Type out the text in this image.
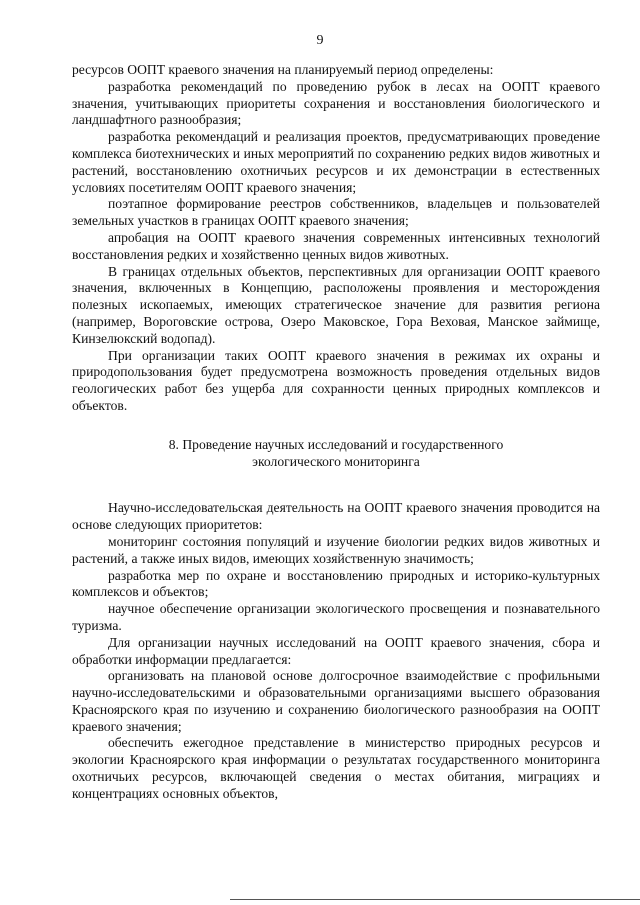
9

ресурсов ООПТ краевого значения на планируемый период определены:

разработка рекомендаций по проведению рубок в лесах на ООПТ краевого значения, учитывающих приоритеты сохранения и восстановления биологического и ландшафтного разнообразия;

разработка рекомендаций и реализация проектов, предусматривающих проведение комплекса биотехнических и иных мероприятий по сохранению редких видов животных и растений, восстановлению охотничьих ресурсов и их демонстрации в естественных условиях посетителям ООПТ краевого значения;

поэтапное формирование реестров собственников, владельцев и пользователей земельных участков в границах ООПТ краевого значения;

апробация на ООПТ краевого значения современных интенсивных технологий восстановления редких и хозяйственно ценных видов животных.

В границах отдельных объектов, перспективных для организации ООПТ краевого значения, включенных в Концепцию, расположены проявления и месторождения полезных ископаемых, имеющих стратегическое значение для развития региона (например, Вороговские острова, Озеро Маковское, Гора Веховая, Манское займище, Кинзелюкский водопад).

При организации таких ООПТ краевого значения в режимах их охраны и природопользования будет предусмотрена возможность проведения отдельных видов геологических работ без ущерба для сохранности ценных природных комплексов и объектов.

8. Проведение научных исследований и государственного
экологического мониторинга

Научно-исследовательская деятельность на ООПТ краевого значения проводится на основе следующих приоритетов:

мониторинг состояния популяций и изучение биологии редких видов животных и растений, а также иных видов, имеющих хозяйственную значимость;

разработка мер по охране и восстановлению природных и историко-культурных комплексов и объектов;

научное обеспечение организации экологического просвещения и познавательного туризма.

Для организации научных исследований на ООПТ краевого значения, сбора и обработки информации предлагается:

организовать на плановой основе долгосрочное взаимодействие с профильными научно-исследовательскими и образовательными организациями высшего образования Красноярского края по изучению и сохранению биологического разнообразия на ООПТ краевого значения;

обеспечить ежегодное представление в министерство природных ресурсов и экологии Красноярского края информации о результатах государственного мониторинга охотничьих ресурсов, включающей сведения о местах обитания, миграциях и концентрациях основных объектов,
